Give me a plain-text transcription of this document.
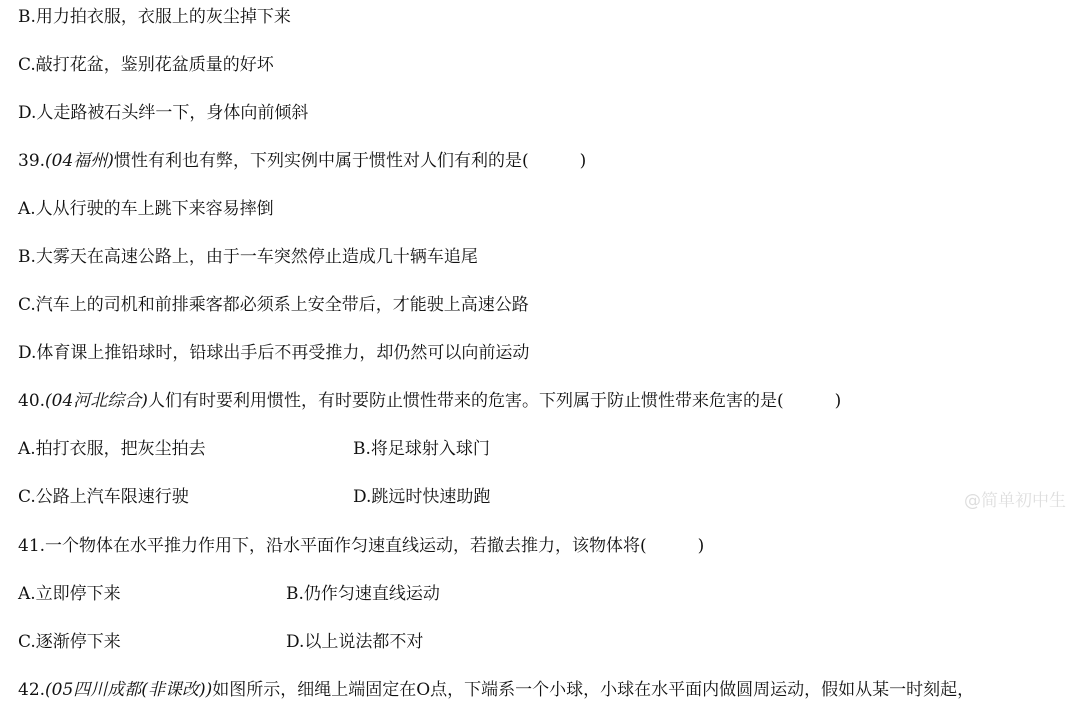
B.用力拍衣服，衣服上的灰尘掉下来
C.敲打花盆，鉴别花盆质量的好坏
D.人走路被石头绊一下，身体向前倾斜
39.(04福州)惯性有利也有弊，下列实例中属于惯性对人们有利的是(　　　)
A.人从行驶的车上跳下来容易摔倒
B.大雾天在高速公路上，由于一车突然停止造成几十辆车追尾
C.汽车上的司机和前排乘客都必须系上安全带后，才能驶上高速公路
D.体育课上推铅球时，铅球出手后不再受推力，却仍然可以向前运动
40.(04河北综合)人们有时要利用惯性，有时要防止惯性带来的危害。下列属于防止惯性带来危害的是(　　　)
A.拍打衣服，把灰尘拍去	B.将足球射入球门
C.公路上汽车限速行驶	D.跳远时快速助跑	@简单初中生
41.一个物体在水平推力作用下，沿水平面作匀速直线运动，若撤去推力，该物体将(　　　)
A.立即停下来	B.仍作匀速直线运动
C.逐渐停下来	D.以上说法都不对
42.(05四川成都(非课改))如图所示，细绳上端固定在O点，下端系一个小球，小球在水平面内做圆周运动，假如从某一时刻起，
